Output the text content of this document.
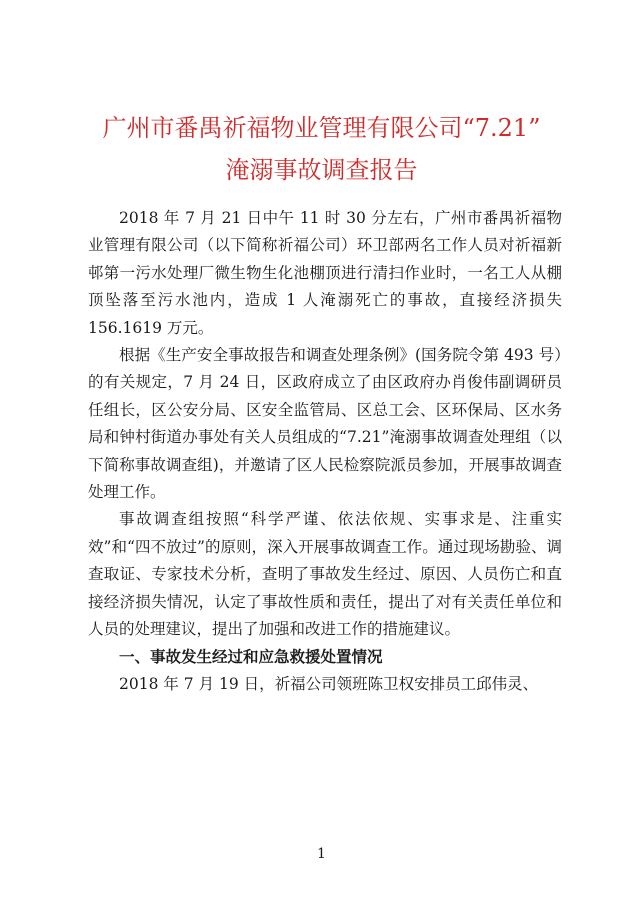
广州市番禺祈福物业管理有限公司“7.21”
淹溺事故调查报告

2018 年 7 月 21 日中午 11 时 30 分左右，广州市番禺祈福物业管理有限公司（以下简称祈福公司）环卫部两名工作人员对祈福新邨第一污水处理厂微生物生化池棚顶进行清扫作业时，一名工人从棚顶坠落至污水池内，造成 1 人淹溺死亡的事故，直接经济损失 156.1619 万元。

根据《生产安全事故报告和调查处理条例》(国务院令第 493 号）的有关规定，7 月 24 日，区政府成立了由区政府办肖俊伟副调研员任组长，区公安分局、区安全监管局、区总工会、区环保局、区水务局和钟村街道办事处有关人员组成的“7.21”淹溺事故调查处理组（以下简称事故调查组)，并邀请了区人民检察院派员参加，开展事故调查处理工作。

事故调查组按照“科学严谨、依法依规、实事求是、注重实效”和“四不放过”的原则，深入开展事故调查工作。通过现场勘验、调查取证、专家技术分析，查明了事故发生经过、原因、人员伤亡和直接经济损失情况，认定了事故性质和责任，提出了对有关责任单位和人员的处理建议，提出了加强和改进工作的措施建议。

一、事故发生经过和应急救援处置情况

2018 年 7 月 19 日，祈福公司领班陈卫权安排员工邱伟灵、

1
